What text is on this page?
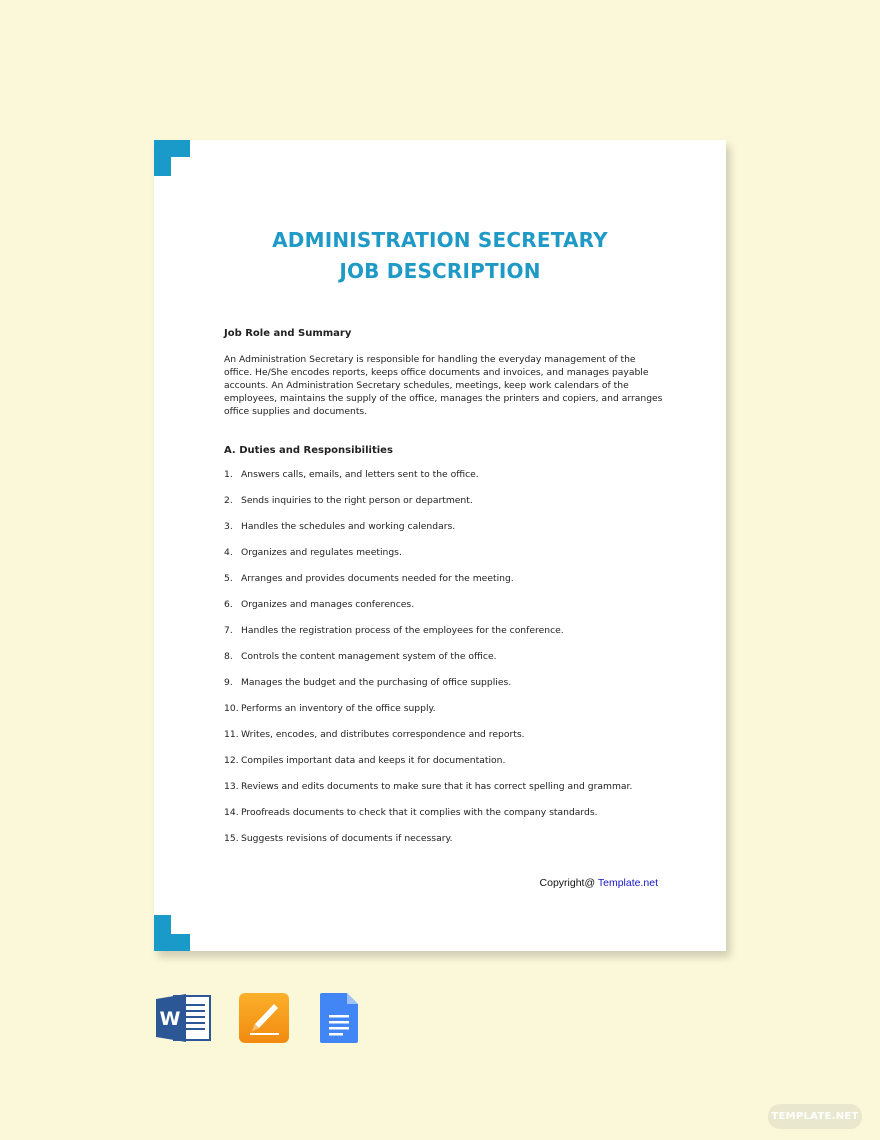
ADMINISTRATION SECRETARY
JOB DESCRIPTION
Job Role and Summary
An Administration Secretary is responsible for handling the everyday management of the office. He/She encodes reports, keeps office documents and invoices, and manages payable accounts. An Administration Secretary schedules, meetings, keep work calendars of the employees, maintains the supply of the office, manages the printers and copiers, and arranges office supplies and documents.
A. Duties and Responsibilities
1. Answers calls, emails, and letters sent to the office.
2. Sends inquiries to the right person or department.
3. Handles the schedules and working calendars.
4. Organizes and regulates meetings.
5. Arranges and provides documents needed for the meeting.
6. Organizes and manages conferences.
7. Handles the registration process of the employees for the conference.
8. Controls the content management system of the office.
9. Manages the budget and the purchasing of office supplies.
10. Performs an inventory of the office supply.
11. Writes, encodes, and distributes correspondence and reports.
12. Compiles important data and keeps it for documentation.
13. Reviews and edits documents to make sure that it has correct spelling and grammar.
14. Proofreads documents to check that it complies with the company standards.
15. Suggests revisions of documents if necessary.
Copyright@ Template.net
W
TEMPLATE.NET
